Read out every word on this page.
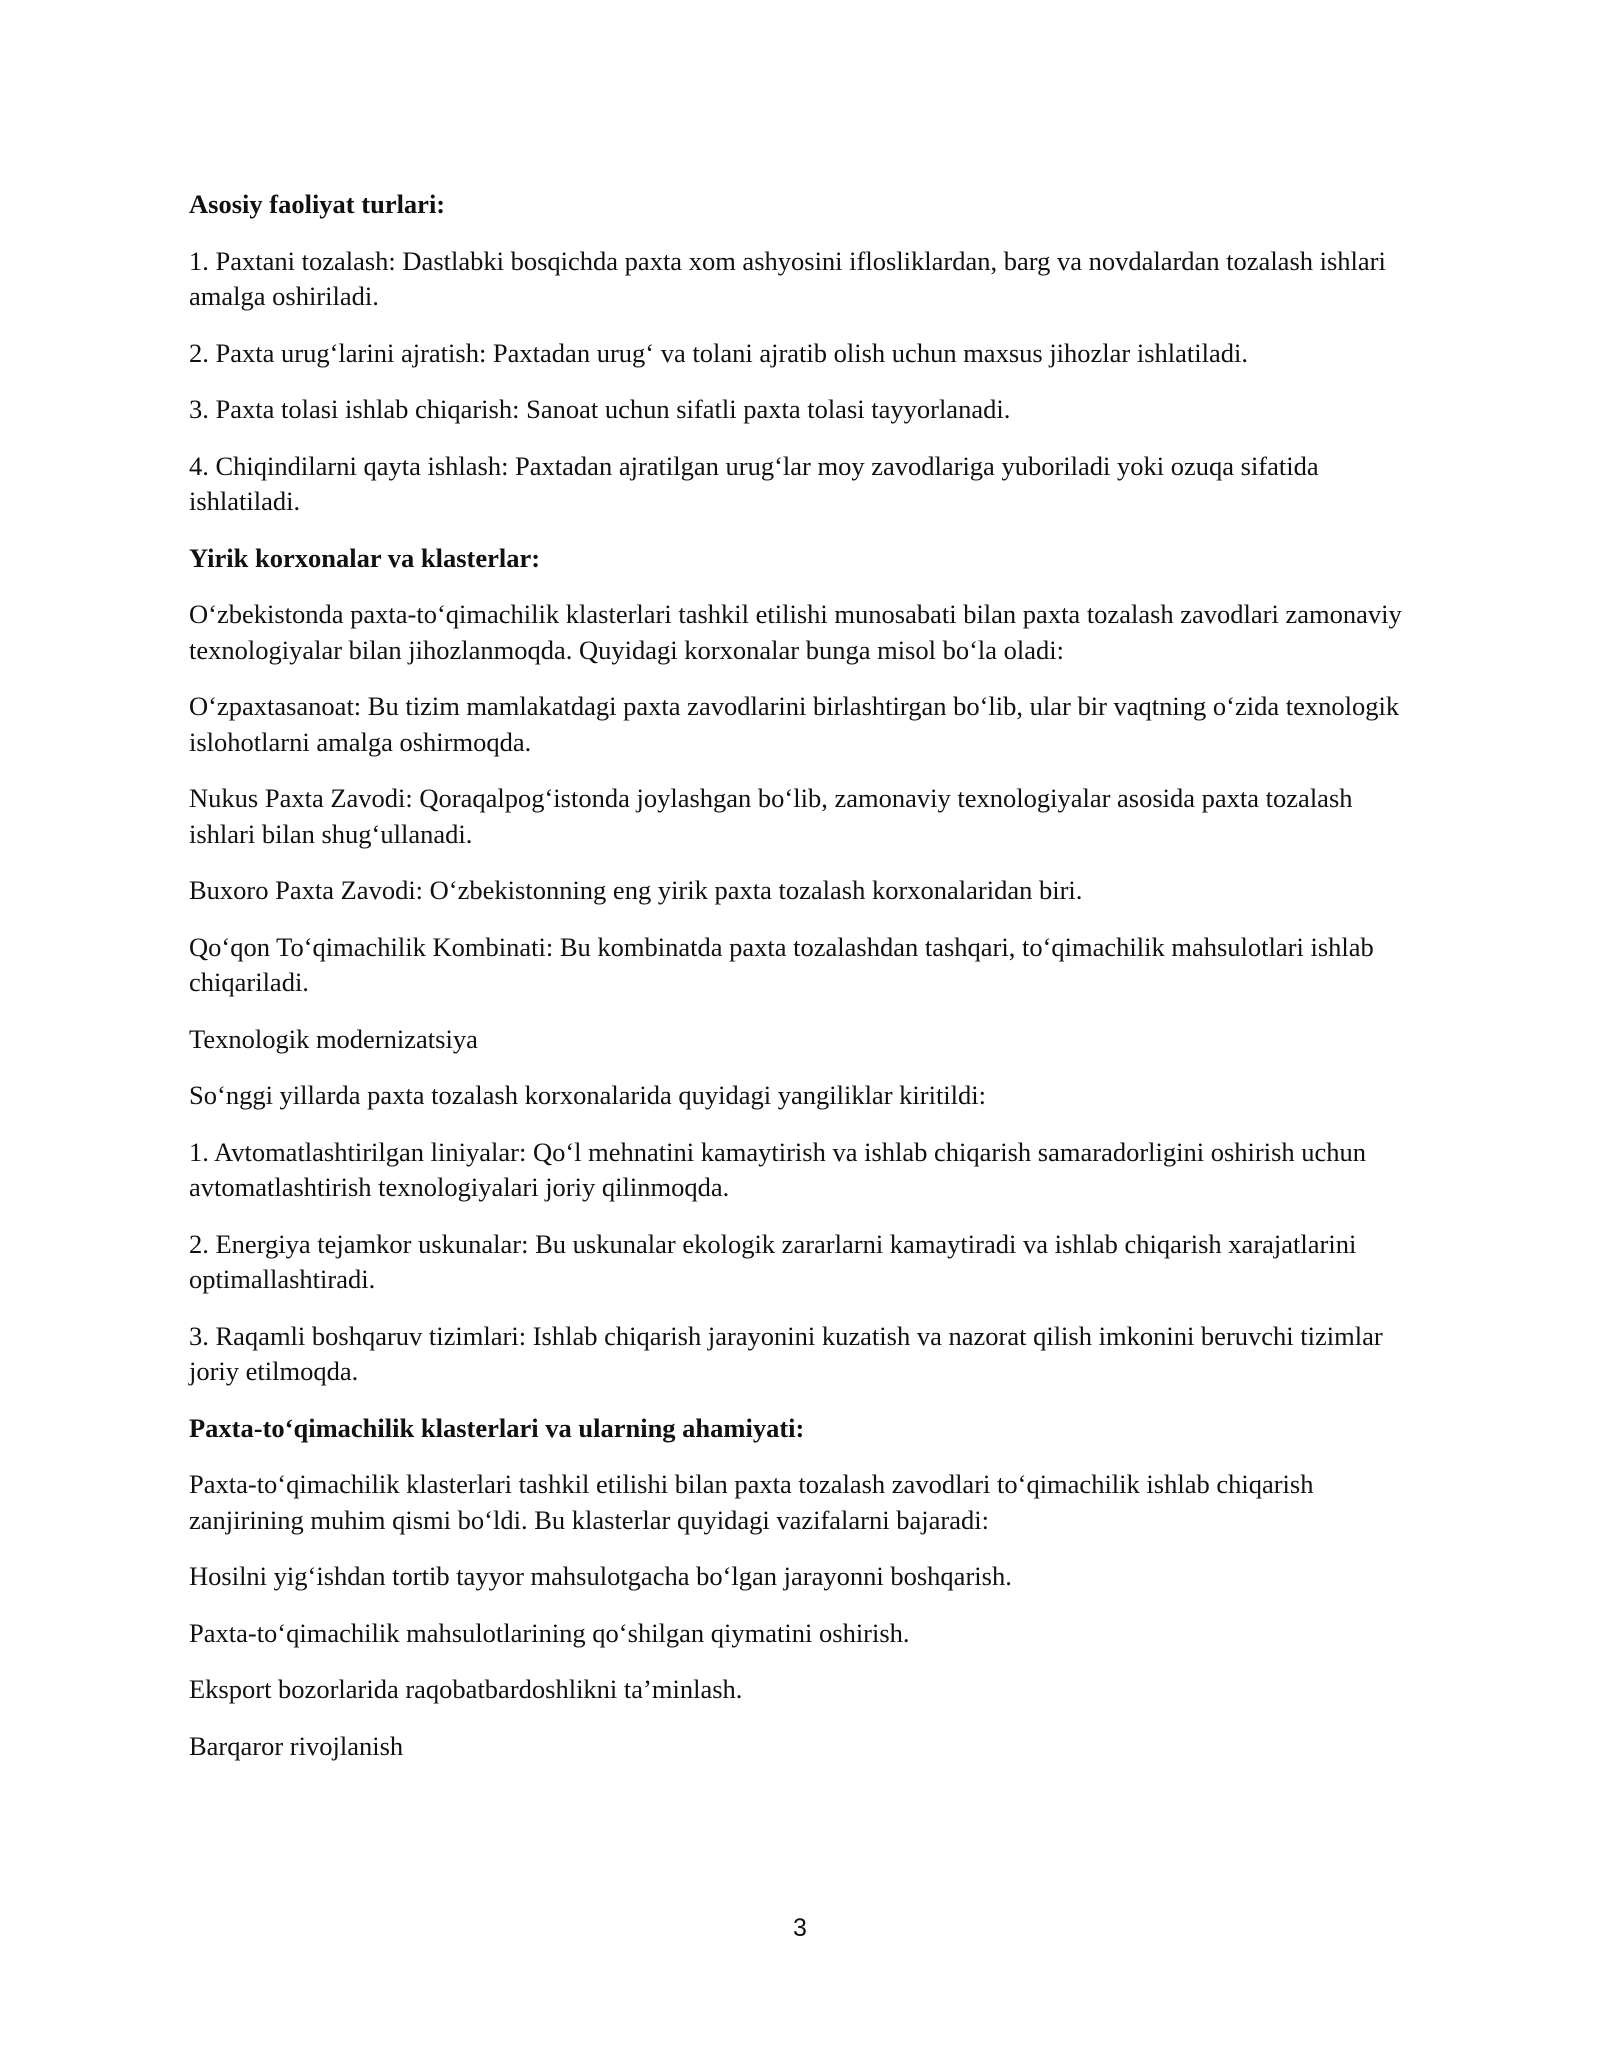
Asosiy faoliyat turlari:

1. Paxtani tozalash: Dastlabki bosqichda paxta xom ashyosini iflosliklardan, barg va novdalardan tozalash ishlari amalga oshiriladi.

2. Paxta urug‘larini ajratish: Paxtadan urug‘ va tolani ajratib olish uchun maxsus jihozlar ishlatiladi.

3. Paxta tolasi ishlab chiqarish: Sanoat uchun sifatli paxta tolasi tayyorlanadi.

4. Chiqindilarni qayta ishlash: Paxtadan ajratilgan urug‘lar moy zavodlariga yuboriladi yoki ozuqa sifatida ishlatiladi.

Yirik korxonalar va klasterlar:

O‘zbekistonda paxta-to‘qimachilik klasterlari tashkil etilishi munosabati bilan paxta tozalash zavodlari zamonaviy texnologiyalar bilan jihozlanmoqda. Quyidagi korxonalar bunga misol bo‘la oladi:

O‘zpaxtasanoat: Bu tizim mamlakatdagi paxta zavodlarini birlashtirgan bo‘lib, ular bir vaqtning o‘zida texnologik islohotlarni amalga oshirmoqda.

Nukus Paxta Zavodi: Qoraqalpog‘istonda joylashgan bo‘lib, zamonaviy texnologiyalar asosida paxta tozalash ishlari bilan shug‘ullanadi.

Buxoro Paxta Zavodi: O‘zbekistonning eng yirik paxta tozalash korxonalaridan biri.

Qo‘qon To‘qimachilik Kombinati: Bu kombinatda paxta tozalashdan tashqari, to‘qimachilik mahsulotlari ishlab chiqariladi.

Texnologik modernizatsiya

So‘nggi yillarda paxta tozalash korxonalarida quyidagi yangiliklar kiritildi:

1. Avtomatlashtirilgan liniyalar: Qo‘l mehnatini kamaytirish va ishlab chiqarish samaradorligini oshirish uchun avtomatlashtirish texnologiyalari joriy qilinmoqda.

2. Energiya tejamkor uskunalar: Bu uskunalar ekologik zararlarni kamaytiradi va ishlab chiqarish xarajatlarini optimallashtiradi.

3. Raqamli boshqaruv tizimlari: Ishlab chiqarish jarayonini kuzatish va nazorat qilish imkonini beruvchi tizimlar joriy etilmoqda.

Paxta-to‘qimachilik klasterlari va ularning ahamiyati:

Paxta-to‘qimachilik klasterlari tashkil etilishi bilan paxta tozalash zavodlari to‘qimachilik ishlab chiqarish zanjirining muhim qismi bo‘ldi. Bu klasterlar quyidagi vazifalarni bajaradi:

Hosilni yig‘ishdan tortib tayyor mahsulotgacha bo‘lgan jarayonni boshqarish.

Paxta-to‘qimachilik mahsulotlarining qo‘shilgan qiymatini oshirish.

Eksport bozorlarida raqobatbardoshlikni ta’minlash.

Barqaror rivojlanish

3
